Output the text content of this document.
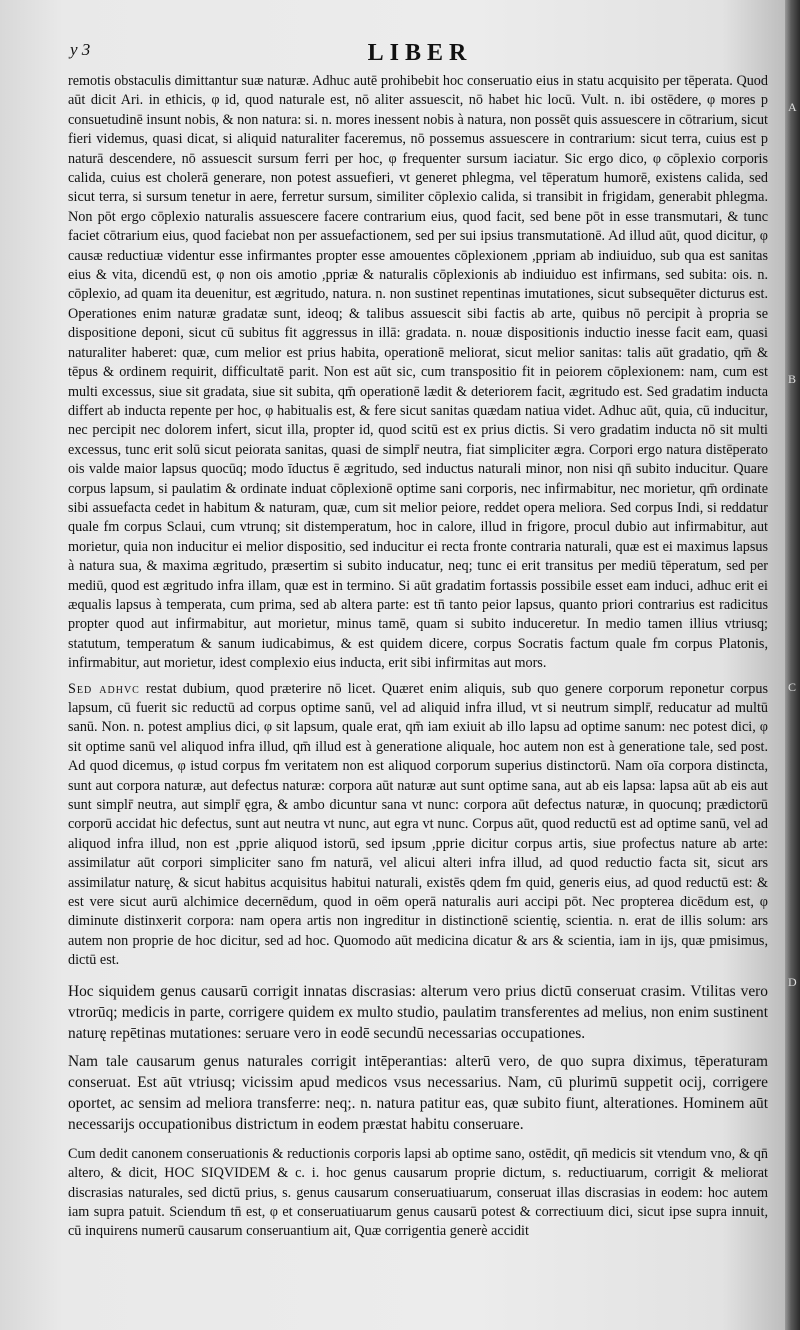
y 3	LIBER

remotis obstaculis dimittantur suæ naturæ. Adhuc autē prohibebit hoc conseruatio eius in statu acquisito per tēperata. Quod aūt dicit Ari. in ethicis, φ id, quod naturale est, nō aliter assuescit, nō habet hic locū. Vult. n. ibi ostēdere, φ mores p consuetudinē insunt nobis, & non natura: si. n. mores inessent nobis à natura, non possēt quis assuescere in cōtrarium, sicut fieri videmus, quasi dicat, si aliquid naturaliter faceremus, nō possemus assuescere in contrarium: sicut terra, cuius est p naturā descendere, nō assuescit sursum ferri per hoc, φ frequenter sursum iaciatur. Sic ergo dico, φ cōplexio corporis calida, cuius est cholerā generare, non potest assuefieri, vt generet phlegma, vel tēperatum humorē, existens calida, sed sicut terra, si sursum tenetur in aere, ferretur sursum, similiter cōplexio calida, si transibit in frigidam, generabit phlegma. Non pōt ergo cōplexio naturalis assuescere facere contrarium eius, quod facit, sed bene pōt in esse transmutari, & tunc faciet cōtrarium eius, quod faciebat non per assuefactionem, sed per sui ipsius transmutationē. Ad illud aūt, quod dicitur, φ causæ reductiuæ videntur esse infirmantes propter esse amouentes cōplexionem ,ppriam ab indiuiduo, sub qua est sanitas eius & vita, dicendū est, φ non ois amotio ,ppriæ & naturalis cōplexionis ab indiuiduo est infirmans, sed subita: ois. n. cōplexio, ad quam ita deuenitur, est ægritudo, natura. n. non sustinet repentinas imutationes, sicut subsequēter dicturus est. Operationes enim naturæ gradatæ sunt, ideoq; & talibus assuescit sibi factis ab arte, quibus nō percipit à propria se dispositione deponi, sicut cū subitus fit aggressus in illā: gradata. n. nouæ dispositionis inductio inesse facit eam, quasi naturaliter haberet: quæ, cum melior est prius habita, operationē meliorat, sicut melior sanitas: talis aūt gradatio, qm̄ & tēpus & ordinem requirit, difficultatē parit. Non est aūt sic, cum transpositio fit in peiorem cōplexionem: nam, cum est multi excessus, siue sit gradata, siue sit subita, qm̄ operationē lædit & deteriorem facit, ægritudo est. Sed gradatim inducta differt ab inducta repente per hoc, φ habitualis est, & fere sicut sanitas quædam natiua videt. Adhuc aūt, quia, cū inducitur, nec percipit nec dolorem infert, sicut illa, propter id, quod scitū est ex prius dictis. Si vero gradatim inducta nō sit multi excessus, tunc erit solū sicut peiorata sanitas, quasi de simplr̄ neutra, fiat simpliciter ægra. Corpori ergo natura distēperato ois valde maior lapsus quocūq; modo īductus ē ægritudo, sed inductus naturali minor, non nisi qn̄ subito inducitur. Quare corpus lapsum, si paulatim & ordinate induat cōplexionē optime sani corporis, nec infirmabitur, nec morietur, qm̄ ordinate sibi assuefacta cedet in habitum & naturam, quæ, cum sit melior peiore, reddet opera meliora. Sed corpus Indi, si reddatur quale fm corpus Sclaui, cum vtrunq; sit distemperatum, hoc in calore, illud in frigore, procul dubio aut infirmabitur, aut morietur, quia non inducitur ei melior dispositio, sed inducitur ei recta fronte contraria naturali, quæ est ei maximus lapsus à natura sua, & maxima ægritudo, præsertim si subito inducatur, neq; tunc ei erit transitus per mediū tēperatum, sed per mediū, quod est ægritudo infra illam, quæ est in termino. Si aūt gradatim fortassis possibile esset eam induci, adhuc erit ei æqualis lapsus à temperata, cum prima, sed ab altera parte: est tn̄ tanto peior lapsus, quanto priori contrarius est radicitus propter quod aut infirmabitur, aut morietur, minus tamē, quam si subito induceretur. In medio tamen illius vtriusq; statutum, temperatum & sanum iudicabimus, & est quidem dicere, corpus Socratis factum quale fm corpus Platonis, infirmabitur, aut morietur, idest complexio eius inducta, erit sibi infirmitas aut mors.

Sed adhvc restat dubium, quod præterire nō licet. Quæret enim aliquis, sub quo genere corporum reponetur corpus lapsum, cū fuerit sic reductū ad corpus optime sanū, vel ad aliquid infra illud, vt si neutrum simplr̄, reducatur ad multū sanū. Non. n. potest amplius dici, φ sit lapsum, quale erat, qm̄ iam exiuit ab illo lapsu ad optime sanum: nec potest dici, φ sit optime sanū vel aliquod infra illud, qm̄ illud est à generatione aliquale, hoc autem non est à generatione tale, sed post. Ad quod dicemus, φ istud corpus fm veritatem non est aliquod corporum superius distinctorū. Nam oīa corpora distincta, sunt aut corpora naturæ, aut defectus naturæ: corpora aūt naturæ aut sunt optime sana, aut ab eis lapsa: lapsa aūt ab eis aut sunt simplr̄ neutra, aut simplr̄ ęgra, & ambo dicuntur sana vt nunc: corpora aūt defectus naturæ, in quocunq; prædictorū corporū accidat hic defectus, sunt aut neutra vt nunc, aut egra vt nunc. Corpus aūt, quod reductū est ad optime sanū, vel ad aliquod infra illud, non est ,pprie aliquod istorū, sed ipsum ,pprie dicitur corpus artis, siue profectus nature ab arte: assimilatur aūt corpori simpliciter sano fm naturā, vel alicui alteri infra illud, ad quod reductio facta sit, sicut ars assimilatur naturę, & sicut habitus acquisitus habitui naturali, existēs qdem fm quid, generis eius, ad quod reductū est: & est vere sicut aurū alchimice decernēdum, quod in oēm operā naturalis auri accipi pōt. Nec propterea dicēdum est, φ diminute distinxerit corpora: nam opera artis non ingreditur in distinctionē scientię, scientia. n. erat de illis solum: ars autem non proprie de hoc dicitur, sed ad hoc. Quomodo aūt medicina dicatur & ars & scientia, iam in ijs, quæ pmisimus, dictū est.

Hoc siquidem genus causarū corrigit innatas discrasias: alterum vero prius dictū conseruat crasim. Vtilitas vero vtrorūq; medicis in parte, corrigere quidem ex multo studio, paulatim transferentes ad melius, non enim sustinent naturę repētinas mutationes: seruare vero in eodē secundū necessarias occupationes.

Nam tale causarum genus naturales corrigit intēperantias: alterū vero, de quo supra diximus, tēperaturam conseruat. Est aūt vtriusq; vicissim apud medicos vsus necessarius. Nam, cū plurimū suppetit ocij, corrigere oportet, ac sensim ad meliora transferre: neq;. n. natura patitur eas, quæ subito fiunt, alterationes. Hominem aūt necessarijs occupationibus districtum in eodem præstat habitu conseruare.

Cum dedit canonem conseruationis & reductionis corporis lapsi ab optime sano, ostēdit, qn̄ medicis sit vtendum vno, & qn̄ altero, & dicit, HOC SIQVIDEM & c. i. hoc genus causarum proprie dictum, s. reductiuarum, corrigit & meliorat discrasias naturales, sed dictū prius, s. genus causarum conseruatiuarum, conseruat illas discrasias in eodem: hoc autem iam supra patuit. Sciendum tn̄ est, φ et conseruatiuarum genus causarū potest & correctiuum dici, sicut ipse supra innuit, cū inquirens numerū causarum conseruantium ait, Quæ corrigentia generè accidit

A
B
C
D
